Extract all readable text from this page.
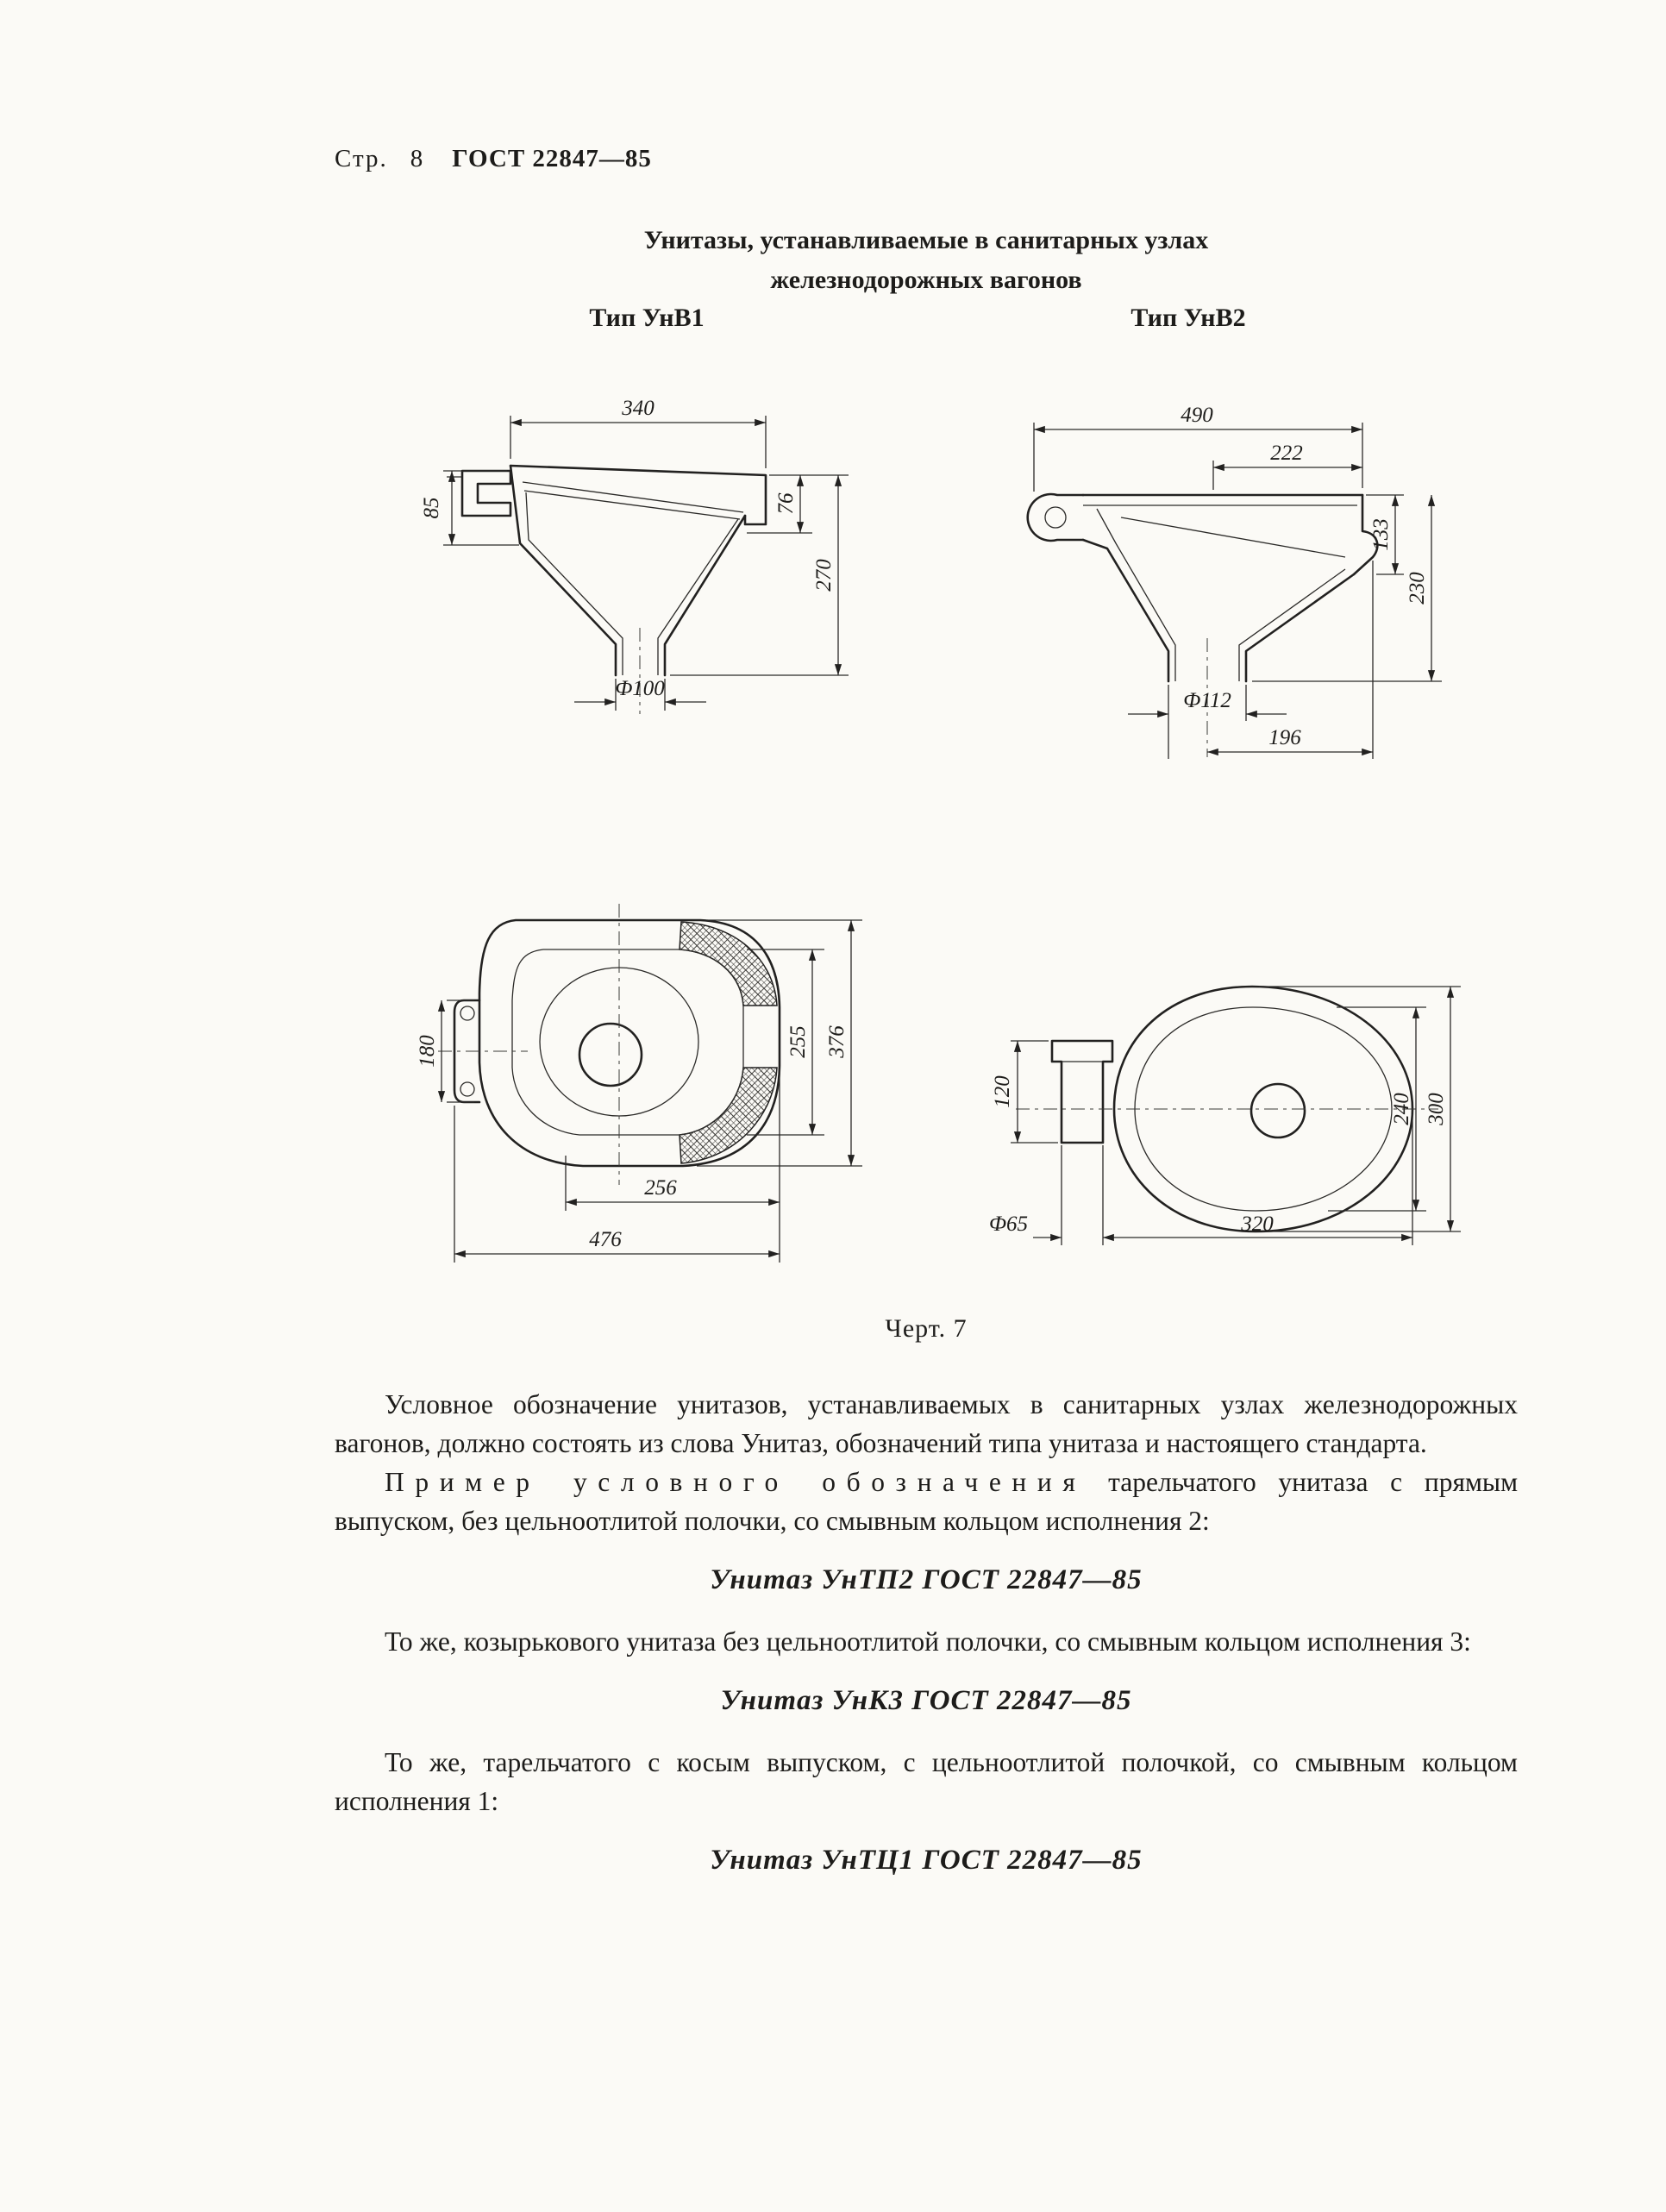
Стр. 8 ГОСТ 22847—85
Унитазы, устанавливаемые в санитарных узлах
железнодорожных вагонов
Тип УнВ1	Тип УнВ2
340
85	76
270
Ф100
490
222
133
230
Ф112
196
180	255 376
256
476
120
240 300
Ф65	320
Черт. 7

Условное обозначение унитазов, устанавливаемых в санитарных узлах железнодорожных вагонов, должно состоять из слова Унитаз, обозначений типа унитаза и настоящего стандарта.

Пример условного обозначения тарельчатого унитаза с прямым выпуском, без цельноотлитой полочки, со смывным кольцом исполнения 2:

Унитаз УнТП2 ГОСТ 22847—85

То же, козырькового унитаза без цельноотлитой полочки, со смывным кольцом исполнения 3:

Унитаз УнК3 ГОСТ 22847—85

То же, тарельчатого с косым выпуском, с цельноотлитой полочкой, со смывным кольцом исполнения 1:

Унитаз УнТЦ1 ГОСТ 22847—85
